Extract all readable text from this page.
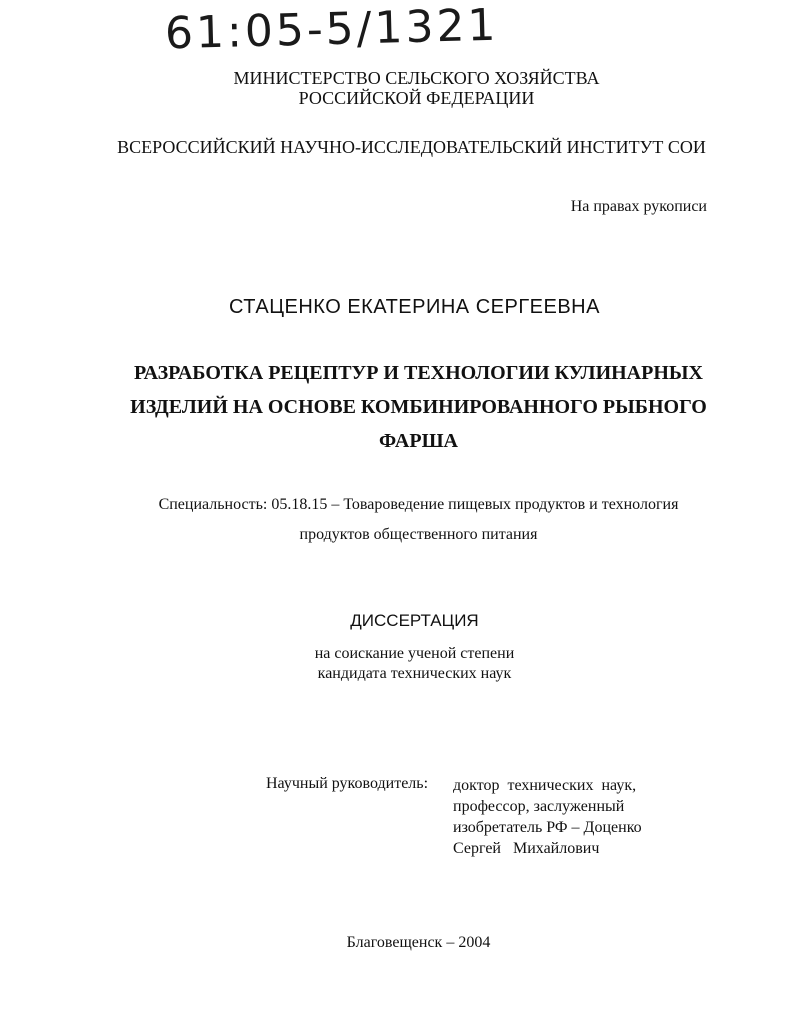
61:05-5/1321
МИНИСТЕРСТВО СЕЛЬСКОГО ХОЗЯЙСТВА
РОССИЙСКОЙ ФЕДЕРАЦИИ
ВСЕРОССИЙСКИЙ НАУЧНО-ИССЛЕДОВАТЕЛЬСКИЙ ИНСТИТУТ СОИ
На правах рукописи
СТАЦЕНКО ЕКАТЕРИНА СЕРГЕЕВНА
РАЗРАБОТКА РЕЦЕПТУР И ТЕХНОЛОГИИ КУЛИНАРНЫХ
ИЗДЕЛИЙ НА ОСНОВЕ КОМБИНИРОВАННОГО РЫБНОГО
ФАРША
Специальность: 05.18.15 – Товароведение пищевых продуктов и технология
продуктов общественного питания
ДИССЕРТАЦИЯ
на соискание ученой степени
кандидата технических наук
Научный руководитель: доктор  технических  наук,
профессор, заслуженный
изобретатель РФ – Доценко
Сергей   Михайлович
Благовещенск – 2004
